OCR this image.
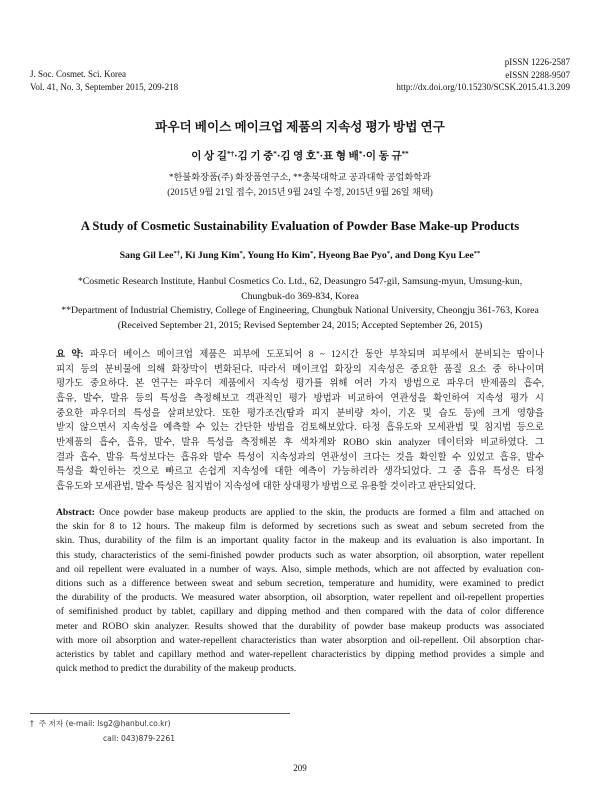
J. Soc. Cosmet. Sci. Korea
Vol. 41, No. 3, September 2015, 209-218
pISSN 1226-2587
eISSN 2288-9507
http://dx.doi.org/10.15230/SCSK.2015.41.3.209
파우더 베이스 메이크업 제품의 지속성 평가 방법 연구
이 상 길*†·김 기 중*·김 영 호*·표 형 배*·이 동 규**
*한불화장품(주) 화장품연구소, **충북대학교 공과대학 공업화학과
(2015년 9월 21일 접수, 2015년 9월 24일 수정, 2015년 9월 26일 채택)
A Study of Cosmetic Sustainability Evaluation of Powder Base Make-up Products
Sang Gil Lee*†, Ki Jung Kim*, Young Ho Kim*, Hyeong Bae Pyo*, and Dong Kyu Lee**
*Cosmetic Research Institute, Hanbul Cosmetics Co. Ltd., 62, Deasungro 547-gil, Samsung-myun, Umsung-kun,
Chungbuk-do 369-834, Korea
**Department of Industrial Chemistry, College of Engineering, Chungbuk National University, Cheongju 361-763, Korea
(Received September 21, 2015; Revised September 24, 2015; Accepted September 26, 2015)
요 약: 파우더 베이스 메이크업 제품은 피부에 도포되어 8 ~ 12시간 동안 부착되며 피부에서 분비되는 땀이나
피지 등의 분비물에 의해 화장막이 변화된다. 따라서 메이크업 화장의 지속성은 중요한 품질 요소 중 하나이며
평가도 중요하다. 본 연구는 파우더 제품에서 지속성 평가를 위해 여러 가지 방법으로 파우더 반제품의 흡수,
흡유, 발수, 발유 등의 특성을 측정해보고 객관적인 평가 방법과 비교하여 연관성을 확인하여 지속성 평가 시
중요한 파우더의 특성을 살펴보았다. 또한 평가조건(땀과 피지 분비량 차이, 기온 및 습도 등)에 크게 영향을
받지 않으면서 지속성을 예측할 수 있는 간단한 방법을 검토해보았다. 타정 흡유도와 모세관법 및 침지법 등으로
반제품의 흡수, 흡유, 발수, 발유 특성을 측정해본 후 색차계와 ROBO skin analyzer 데이터와 비교하였다. 그
결과 흡수, 발유 특성보다는 흡유와 발수 특성이 지속성과의 연관성이 크다는 것을 확인할 수 있었고 흡유, 발수
특성을 확인하는 것으로 빠르고 손쉽게 지속성에 대한 예측이 가능하리라 생각되었다. 그 중 흡유 특성은 타정
흡유도와 모세관법, 발수 특성은 침지법이 지속성에 대한 상대평가 방법으로 유용할 것이라고 판단되었다.
Abstract: Once powder base makeup products are applied to the skin, the products are formed a film and attached on
the skin for 8 to 12 hours. The makeup film is deformed by secretions such as sweat and sebum secreted from the
skin. Thus, durability of the film is an important quality factor in the makeup and its evaluation is also important. In
this study, characteristics of the semi-finished powder products such as water absorption, oil absorption, water repellent
and oil repellent were evaluated in a number of ways. Also, simple methods, which are not affected by evaluation con-
ditions such as a difference between sweat and sebum secretion, temperature and humidity, were examined to predict
the durability of the products. We measured water absorption, oil absorption, water repellent and oil-repellent properties
of semifinished product by tablet, capillary and dipping method and then compared with the data of color difference
meter and ROBO skin analyzer. Results showed that the durability of powder base makeup products was associated
with more oil absorption and water-repellent characteristics than water absorption and oil-repellent. Oil absorption char-
acteristics by tablet and capillary method and water-repellent characteristics by dipping method provides a simple and
quick method to predict the durability of the makeup products.
† 주 저자 (e-mail: lsg2@hanbul.co.kr)
call: 043)879-2261
209
